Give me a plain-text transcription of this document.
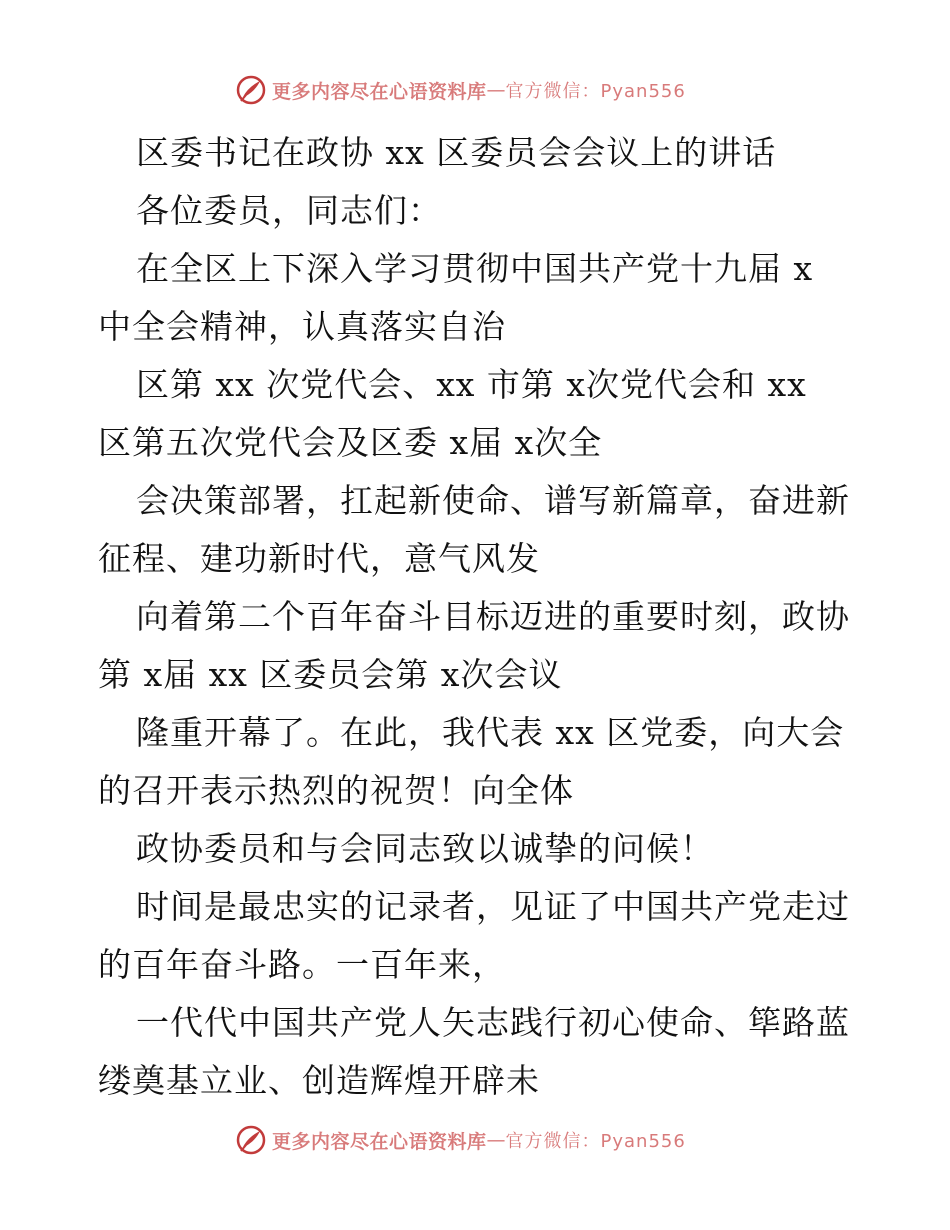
更多内容尽在心语资料库 — 官方微信：Pyan556
区委书记在政协 xx 区委员会会议上的讲话
各位委员，同志们：
在全区上下深入学习贯彻中国共产党十九届 x
中全会精神，认真落实自治
区第 xx 次党代会、xx 市第 x次党代会和 xx
区第五次党代会及区委 x届 x次全
会决策部署，扛起新使命、谱写新篇章，奋进新
征程、建功新时代，意气风发
向着第二个百年奋斗目标迈进的重要时刻，政协
第 x届 xx 区委员会第 x次会议
隆重开幕了。在此，我代表 xx 区党委，向大会
的召开表示热烈的祝贺！向全体
政协委员和与会同志致以诚挚的问候！
时间是最忠实的记录者，见证了中国共产党走过
的百年奋斗路。一百年来，
一代代中国共产党人矢志践行初心使命、筚路蓝
缕奠基立业、创造辉煌开辟未
更多内容尽在心语资料库 — 官方微信：Pyan556
